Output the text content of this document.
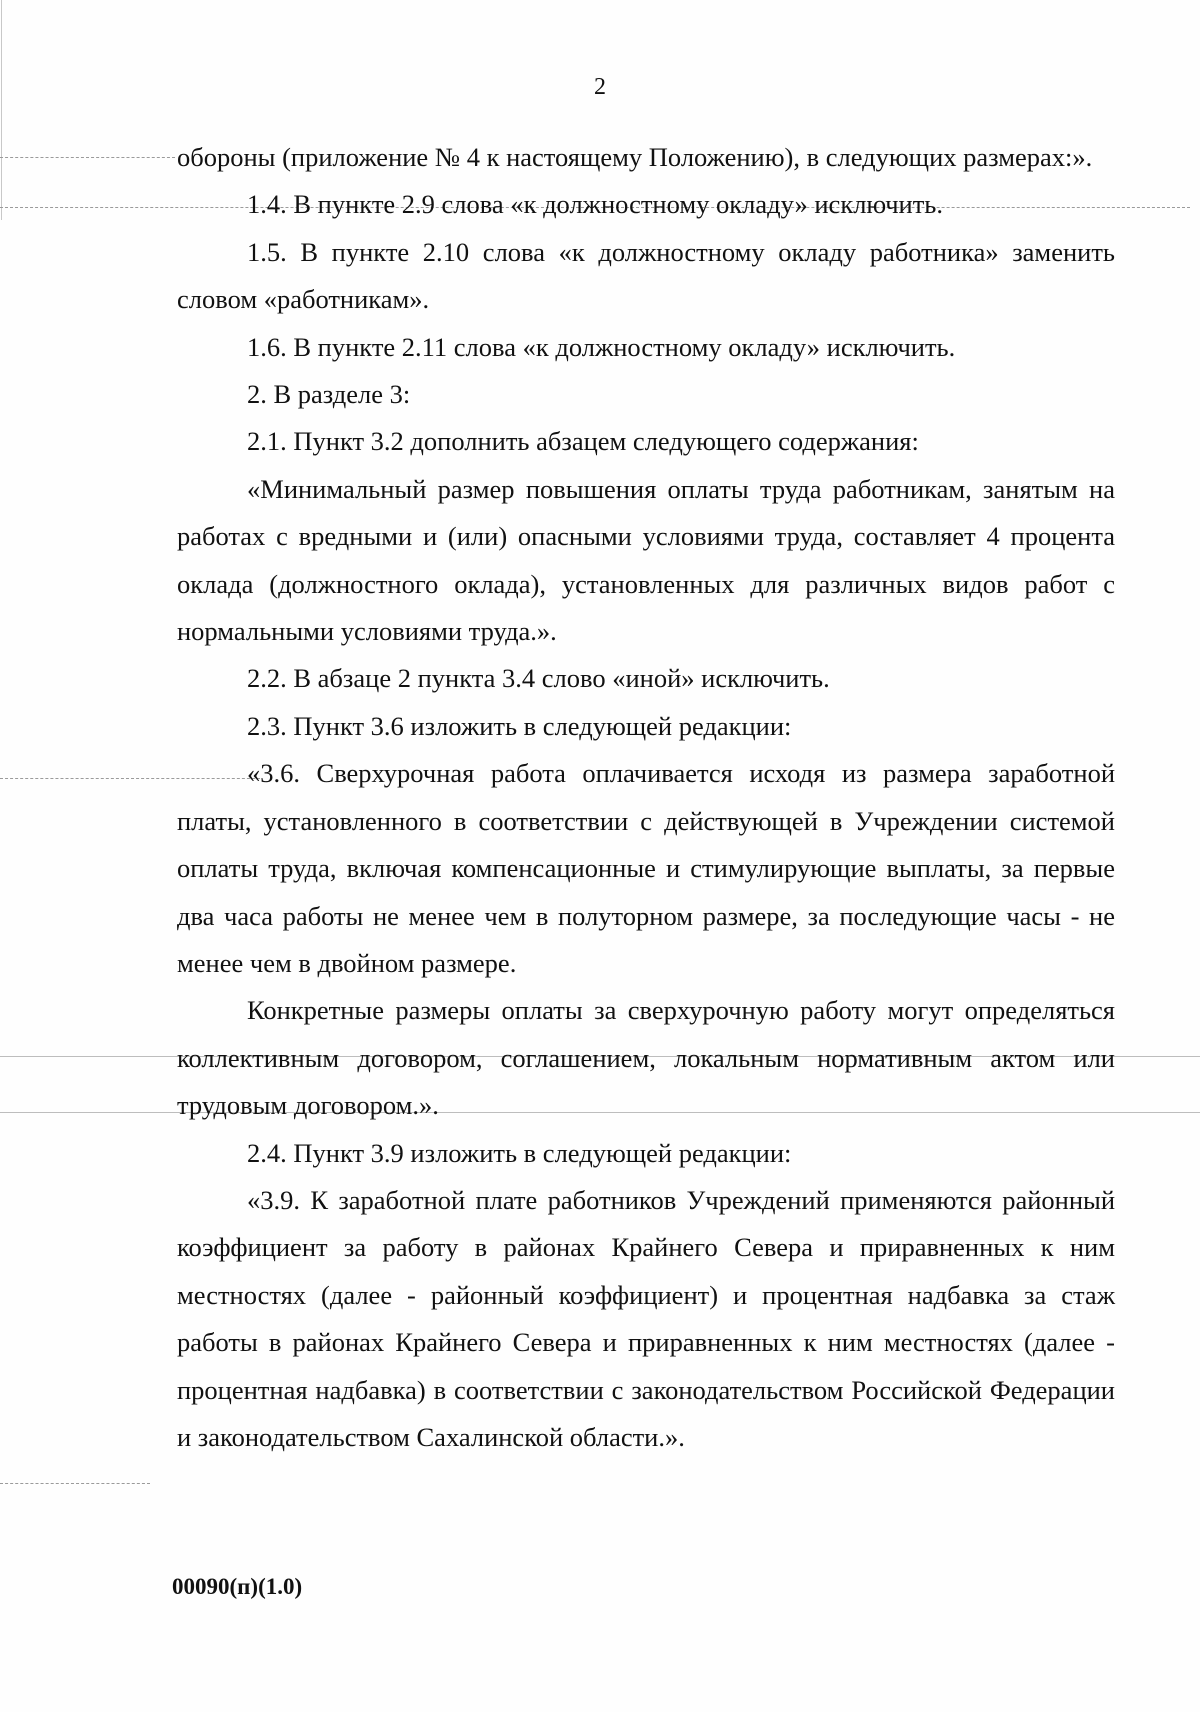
2

обороны (приложение № 4 к настоящему Положению), в следующих размерах:».

1.4. В пункте 2.9 слова «к должностному окладу» исключить.

1.5. В пункте 2.10 слова «к должностному окладу работника» заменить словом «работникам».

1.6. В пункте 2.11 слова «к должностному окладу» исключить.

2. В разделе 3:

2.1. Пункт 3.2 дополнить абзацем следующего содержания:

«Минимальный размер повышения оплаты труда работникам, занятым на работах с вредными и (или) опасными условиями труда, составляет 4 процента оклада (должностного оклада), установленных для различных видов работ с нормальными условиями труда.».

2.2. В абзаце 2 пункта 3.4 слово «иной» исключить.

2.3. Пункт 3.6 изложить в следующей редакции:

«3.6. Сверхурочная работа оплачивается исходя из размера заработной платы, установленного в соответствии с действующей в Учреждении системой оплаты труда, включая компенсационные и стимулирующие выплаты, за первые два часа работы не менее чем в полуторном размере, за последующие часы - не менее чем в двойном размере.

Конкретные размеры оплаты за сверхурочную работу могут определяться коллективным договором, соглашением, локальным нормативным актом или трудовым договором.».

2.4. Пункт 3.9 изложить в следующей редакции:

«3.9. К заработной плате работников Учреждений применяются районный коэффициент за работу в районах Крайнего Севера и приравненных к ним местностях (далее - районный коэффициент) и процентная надбавка за стаж работы в районах Крайнего Севера и приравненных к ним местностях (далее - процентная надбавка) в соответствии с законодательством Российской Федерации и законодательством Сахалинской области.».

00090(п)(1.0)
